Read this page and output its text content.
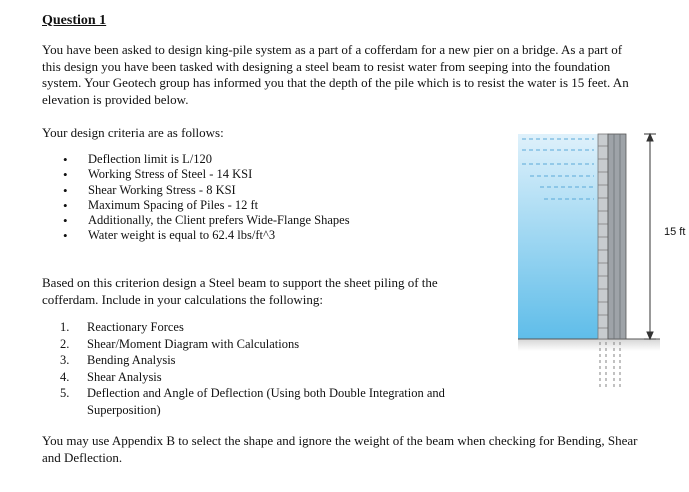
Question 1

You have been asked to design king-pile system as a part of a cofferdam for a new pier on a bridge. As a part of this design you have been tasked with designing a steel beam to resist water from seeping into the foundation system. Your Geotech group has informed you that the depth of the pile which is to resist the water is 15 feet. An elevation is provided below.

Your design criteria are as follows:

• Deflection limit is L/120
• Working Stress of Steel - 14 KSI
• Shear Working Stress - 8 KSI
• Maximum Spacing of Piles - 12 ft
• Additionally, the Client prefers Wide-Flange Shapes
• Water weight is equal to 62.4 lbs/ft^3

Based on this criterion design a Steel beam to support the sheet piling of the cofferdam. Include in your calculations the following:

1. Reactionary Forces
2. Shear/Moment Diagram with Calculations
3. Bending Analysis
4. Shear Analysis
5. Deflection and Angle of Deflection (Using both Double Integration and Superposition)

You may use Appendix B to select the shape and ignore the weight of the beam when checking for Bending, Shear and Deflection.

15 ft
